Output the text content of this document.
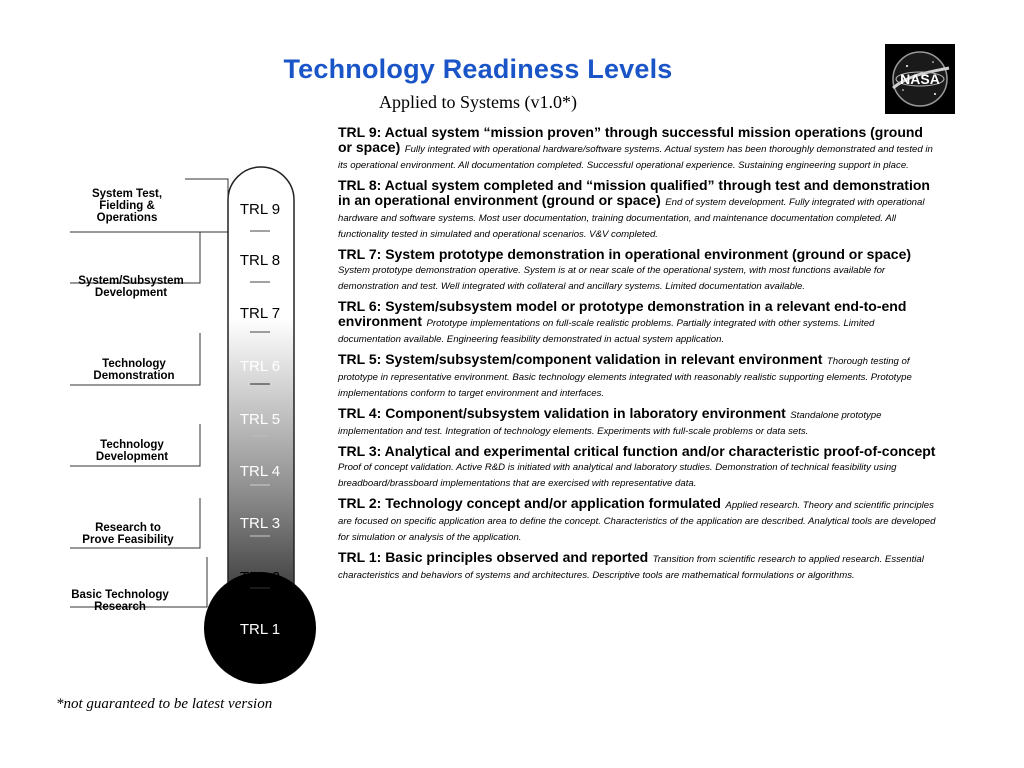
Technology Readiness Levels
Applied to Systems (v1.0*)
NASA
TRL 9
TRL 8
TRL 7
TRL 6
TRL 5
TRL 4
TRL 3
TRL 2
TRL 1
System Test,
Fielding &
Operations
System/Subsystem
Development
Technology
Demonstration
Technology
Development
Research to
Prove Feasibility
Basic Technology
Research
TRL 9: Actual system “mission proven” through successful mission operations (ground or space) Fully integrated with operational hardware/software systems. Actual system has been thoroughly demonstrated and tested in its operational environment. All documentation completed. Successful operational experience. Sustaining engineering support in place.
TRL 8: Actual system completed and “mission qualified” through test and demonstration in an operational environment (ground or space) End of system development. Fully integrated with operational hardware and software systems. Most user documentation, training documentation, and maintenance documentation completed. All functionality tested in simulated and operational scenarios. V&V completed.
TRL 7: System prototype demonstration in operational environment (ground or space) System prototype demonstration operative. System is at or near scale of the operational system, with most functions available for demonstration and test. Well integrated with collateral and ancillary systems. Limited documentation available.
TRL 6: System/subsystem model or prototype demonstration in a relevant end-to-end environment Prototype implementations on full-scale realistic problems. Partially integrated with other systems. Limited documentation available. Engineering feasibility demonstrated in actual system application.
TRL 5: System/subsystem/component validation in relevant environment Thorough testing of prototype in representative environment. Basic technology elements integrated with reasonably realistic supporting elements. Prototype implementations conform to target environment and interfaces.
TRL 4: Component/subsystem validation in laboratory environment Standalone prototype implementation and test. Integration of technology elements. Experiments with full-scale problems or data sets.
TRL 3: Analytical and experimental critical function and/or characteristic proof-of-concept Proof of concept validation. Active R&D is initiated with analytical and laboratory studies. Demonstration of technical feasibility using breadboard/brassboard implementations that are exercised with representative data.
TRL 2: Technology concept and/or application formulated Applied research. Theory and scientific principles are focused on specific application area to define the concept. Characteristics of the application are described. Analytical tools are developed for simulation or analysis of the application.
TRL 1: Basic principles observed and reported Transition from scientific research to applied research. Essential characteristics and behaviors of systems and architectures. Descriptive tools are mathematical formulations or algorithms.
*not guaranteed to be latest version
